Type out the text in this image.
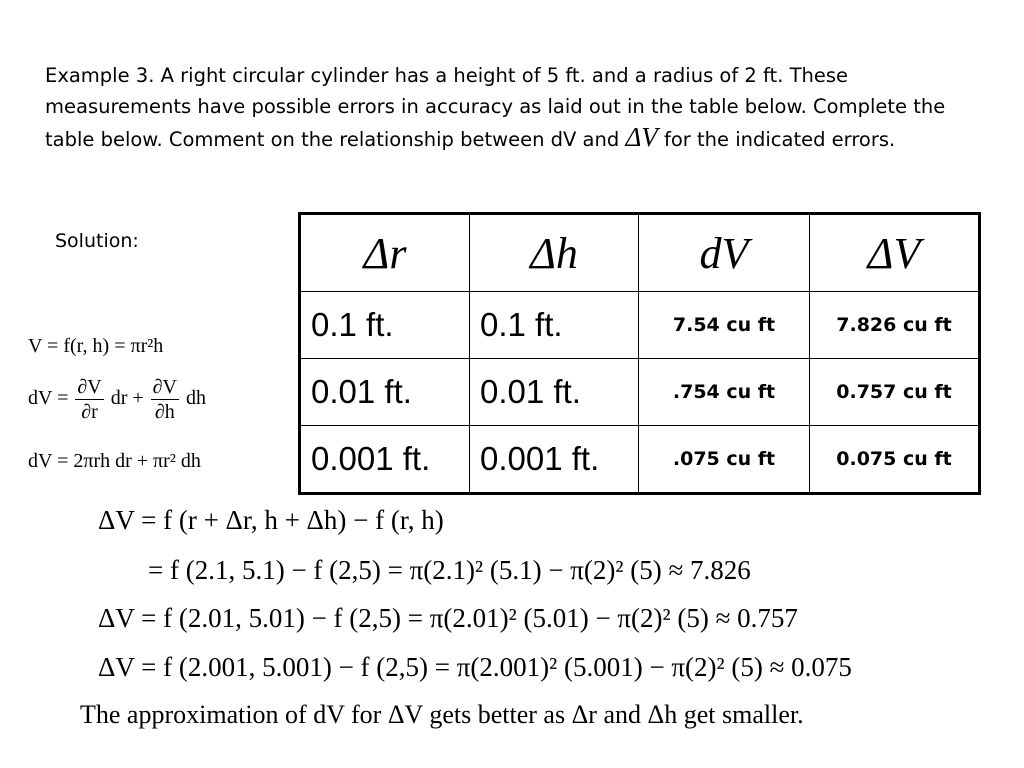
Example 3. A right circular cylinder has a height of 5 ft. and a radius of 2 ft. These measurements have possible errors in accuracy as laid out in the table below. Complete the table below. Comment on the relationship between dV and ΔV for the indicated errors.
Solution:
V = f(r, h) = πr²h
dV = $\frac{\partial V}{\partial r}$ dr + $\frac{\partial V}{\partial h}$ dh
dV = 2πrh dr + πr² dh
Δr	Δh	dV	ΔV
0.1 ft.	0.1 ft.	7.54 cu ft	7.826 cu ft
0.01 ft.	0.01 ft.	.754 cu ft	0.757 cu ft
0.001 ft.	0.001 ft.	.075 cu ft	0.075 cu ft
ΔV = f (r + Δr, h + Δh) − f (r, h)
= f (2.1, 5.1) − f (2,5) = π(2.1)² (5.1) − π(2)² (5) ≈ 7.826
ΔV = f (2.01, 5.01) − f (2,5) = π(2.01)² (5.01) − π(2)² (5) ≈ 0.757
ΔV = f (2.001, 5.001) − f (2,5) = π(2.001)² (5.001) − π(2)² (5) ≈ 0.075
The approximation of dV for ΔV gets better as Δr and Δh get smaller.
